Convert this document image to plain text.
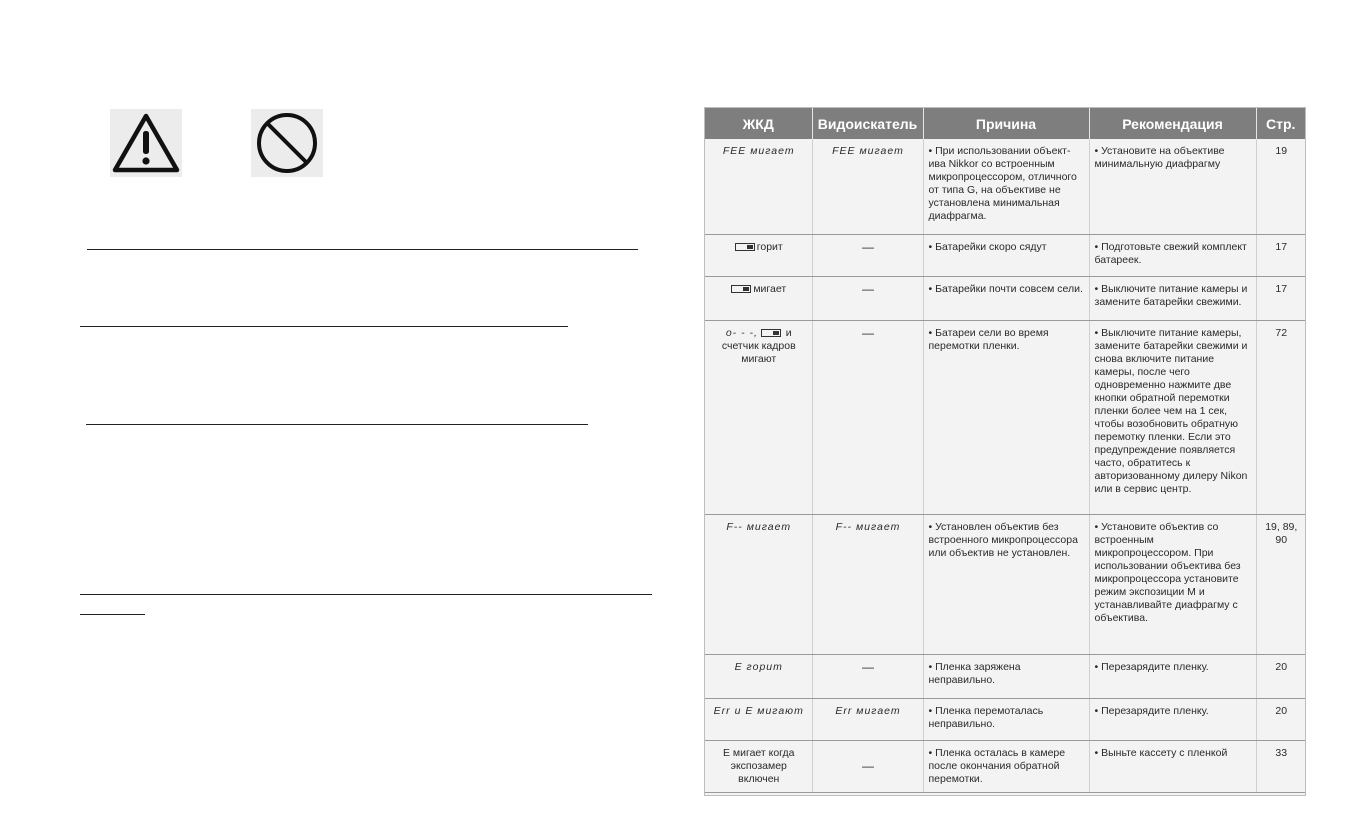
ЖКД	Видоискатель	Причина	Рекомендация	Стр.
FEE мигает	FEE мигает	• При использовании объект-ива Nikkor со встроенным микропроцессором, отличного от типа G, на объективе не установлена минимальная диафрагма.	• Установите на объективе минимальную диафрагму	19
горит	—	• Батарейки скоро сядут	• Подготовьте свежий комплект батареек.	17
мигает	—	• Батарейки почти совсем сели.	• Выключите питание камеры и замените батарейки свежими.	17
o- - -, и счетчик кадров мигают	—	• Батареи сели во время перемотки пленки.	• Выключите питание камеры, замените батарейки свежими и снова включите питание камеры, после чего одновременно нажмите две кнопки обратной перемотки пленки более чем на 1 сек, чтобы возобновить обратную перемотку пленки. Если это предупреждение появляется часто, обратитесь к авторизованному дилеру Nikon или в сервис центр.	72
F-- мигает	F-- мигает	• Установлен объектив без встроенного микропроцессора или объектив не установлен.	• Установите объектив со встроенным микропроцессором. При использовании объектива без микропроцессора установите режим экспозиции M и устанавливайте диафрагму с объектива.	19, 89, 90
E горит	—	• Пленка заряжена неправильно.	• Перезарядите пленку.	20
Err и E мигают	Err мигает	• Пленка перемоталась неправильно.	• Перезарядите пленку.	20
E мигает когда экспозамер включен	—	• Пленка осталась в камере после окончания обратной перемотки.	• Выньте кассету с пленкой	33
